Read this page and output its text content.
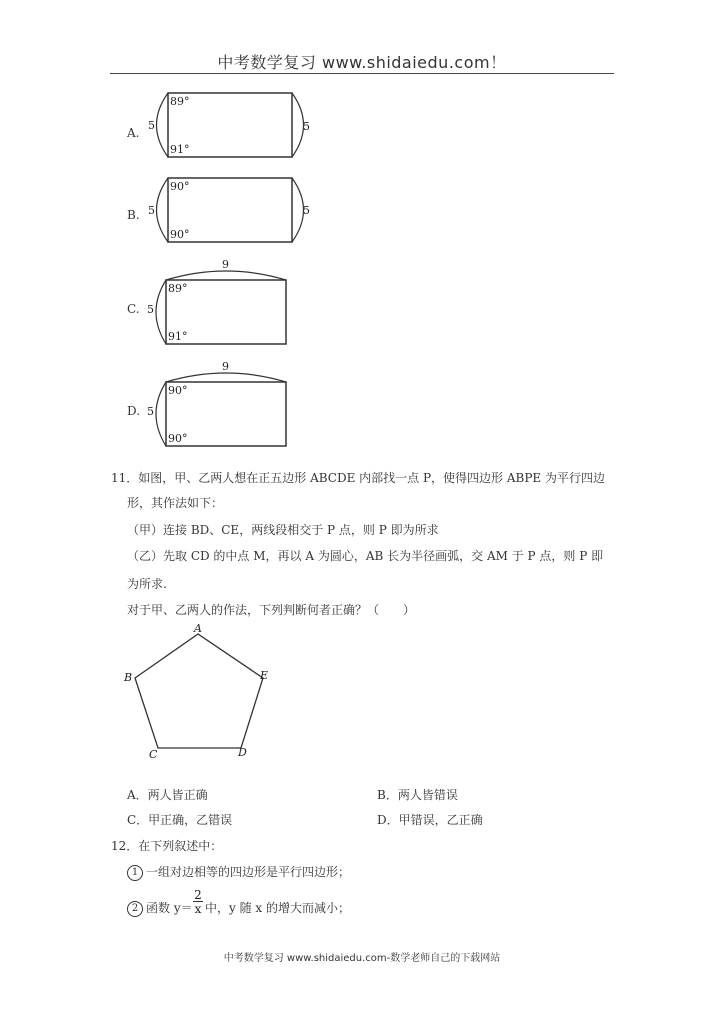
中考数学复习 www.shidaiedu.com！
A.
5	5
89°
91°
B. 5	5
90°
90°
C.
9
5
89°
91°
D.
9
5
90°
90°
11．如图，甲、乙两人想在正五边形 ABCDE 内部找一点 P，使得四边形 ABPE 为平行四边
形，其作法如下：
（甲）连接 BD、CE，两线段相交于 P 点，则 P 即为所求
（乙）先取 CD 的中点 M，再以 A 为圆心，AB 长为半径画弧，交 AM 于 P 点，则 P 即
为所求.
对于甲、乙两人的作法，下列判断何者正确？（　　）
A
B
C	D
E
A．两人皆正确	B．两人皆错误
C．甲正确，乙错误	D．甲错误，乙正确
12．在下列叙述中：
1 一组对边相等的四边形是平行四边形；
2 函数 $y= \frac{2}{x}$ 中，y 随 x 的增大而减小；
中考数学复习 www.shidaiedu.com-数学老师自己的下载网站
